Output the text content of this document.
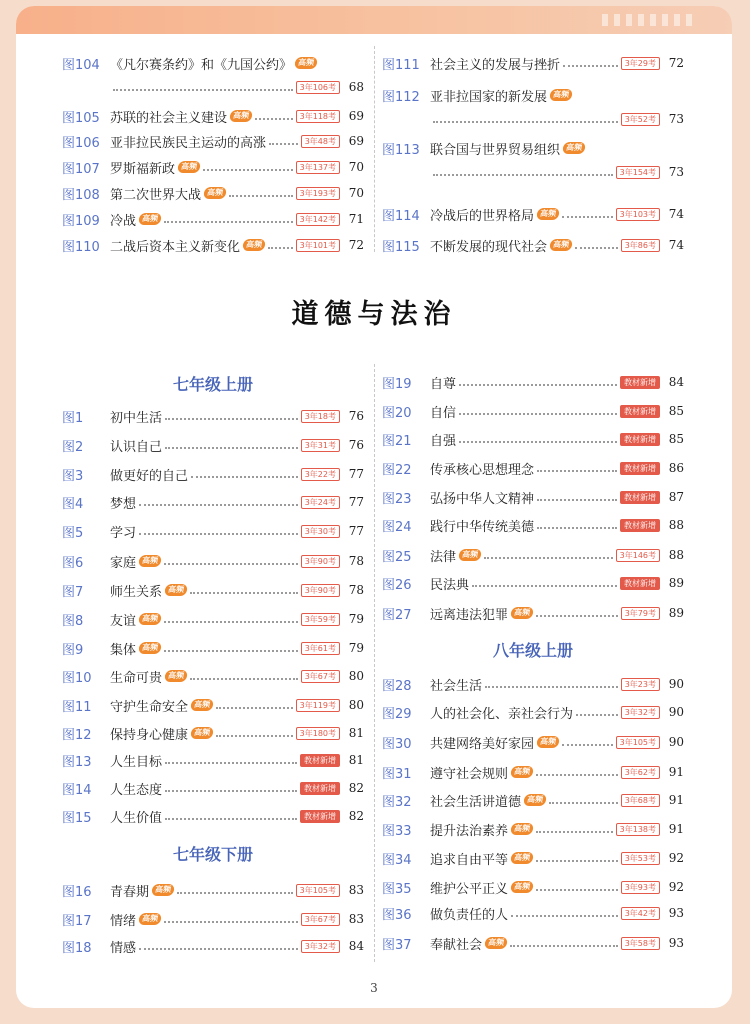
图104 《凡尔赛条约》和《九国公约》 高频
3年106考	68
图105 苏联的社会主义建设 高频	3年118考	69
图106 亚非拉民族民主运动的高涨	3年48考	69
图107 罗斯福新政 高频	3年137考	70
图108 第二次世界大战 高频	3年193考	70
图109 冷战 高频	3年142考	71
图110 二战后资本主义新变化 高频	3年101考	72
图111 社会主义的发展与挫折	3年29考	72
图112 亚非拉国家的新发展 高频
3年52考	73
图113 联合国与世界贸易组织 高频
3年154考	73
图114 冷战后的世界格局 高频	3年103考	74
图115 不断发展的现代社会 高频	3年86考	74
道德与法治
七年级上册
七年级下册
八年级上册
图1	初中生活	3年18考	76
图2	认识自己	3年31考	76
图3	做更好的自己	3年22考	77
图4	梦想	3年24考	77
图5	学习	3年30考	77
图6	家庭 高频	3年90考	78
图7	师生关系 高频	3年90考	78
图8	友谊 高频	3年59考	79
图9	集体 高频	3年61考	79
图10	生命可贵 高频	3年67考	80
图11	守护生命安全 高频	3年119考	80
图12	保持身心健康 高频	3年180考	81
图13	人生目标	教材新增	81
图14	人生态度	教材新增	82
图15	人生价值	教材新增	82
图16	青春期 高频	3年105考	83
图17	情绪 高频	3年67考	83
图18	情感	3年32考	84
图19	自尊	教材新增	84
图20	自信	教材新增	85
图21	自强	教材新增	85
图22	传承核心思想理念	教材新增	86
图23	弘扬中华人文精神	教材新增	87
图24	践行中华传统美德	教材新增	88
图25	法律 高频	3年146考	88
图26	民法典	教材新增	89
图27	远离违法犯罪 高频	3年79考	89
图28	社会生活	3年23考	90
图29	人的社会化、亲社会行为	3年32考	90
图30	共建网络美好家园 高频	3年105考	90
图31	遵守社会规则 高频	3年62考	91
图32	社会生活讲道德 高频	3年68考	91
图33	提升法治素养 高频	3年138考	91
图34	追求自由平等 高频	3年53考	92
图35	维护公平正义 高频	3年93考	92
图36	做负责任的人	3年42考	93
图37	奉献社会 高频	3年58考	93
3
